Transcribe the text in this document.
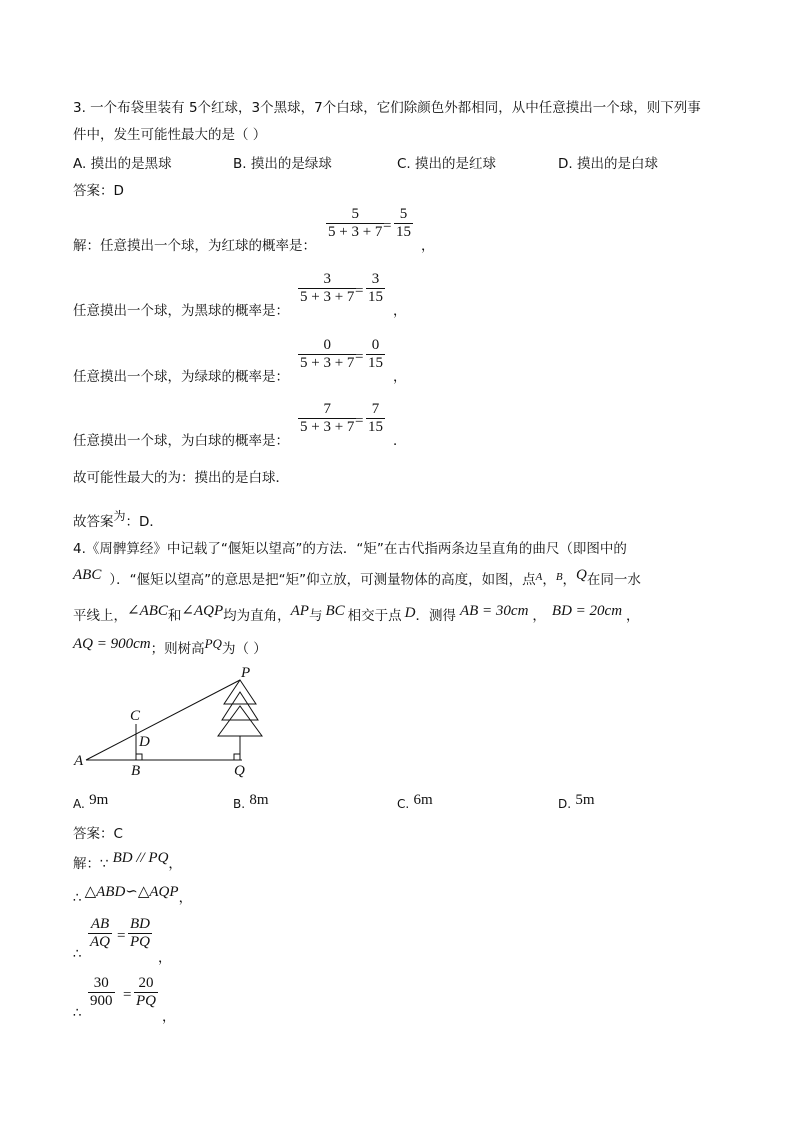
3. 一个布袋里装有 5个红球，3个黑球，7个白球，它们除颜色外都相同，从中任意摸出一个球，则下列事
件中，发生可能性最大的是（ ）
A. 摸出的是黑球	B. 摸出的是绿球	C. 摸出的是红球	D. 摸出的是白球
答案：D
解：任意摸出一个球，为红球的概率是：
$\frac{5}{5 + 3 + 7}$
= $\frac{5}{15}$
，
任意摸出一个球，为黑球的概率是：
$\frac{3}{5 + 3 + 7}$
= $\frac{3}{15}$
，
任意摸出一个球，为绿球的概率是：
$\frac{0}{5 + 3 + 7}$
= $\frac{0}{15}$
，
任意摸出一个球，为白球的概率是：
$\frac{7}{5 + 3 + 7}$
= $\frac{7}{15}$
．
故可能性最大的为：摸出的是白球．
故答案为：D．
4.《周髀算经》中记载了“偃矩以望高”的方法．“矩”在古代指两条边呈直角的曲尺（即图中的
ABC ）．“偃矩以望高”的意思是把“矩”仰立放，可测量物体的高度，如图，点$^A$，$^B$，Q在同一水
平线上，∠ABC和∠AQP均为直角，AP与 BC 相交于点 D．测得 AB = 30cm ， BD = 20cm ，
AQ = 900cm；则树高PQ为（ ）
P
C
D
A
B	Q
A. 9m	B. 8m	C. 6m	D. 5m
答案：C
解：∵ BD // PQ，
∴ △ABD∽△AQP，
∴
$\frac{AB}{AQ} = \frac{BD}{PQ}$
，
∴
$\frac{30}{900} = \frac{20}{PQ}$
，
